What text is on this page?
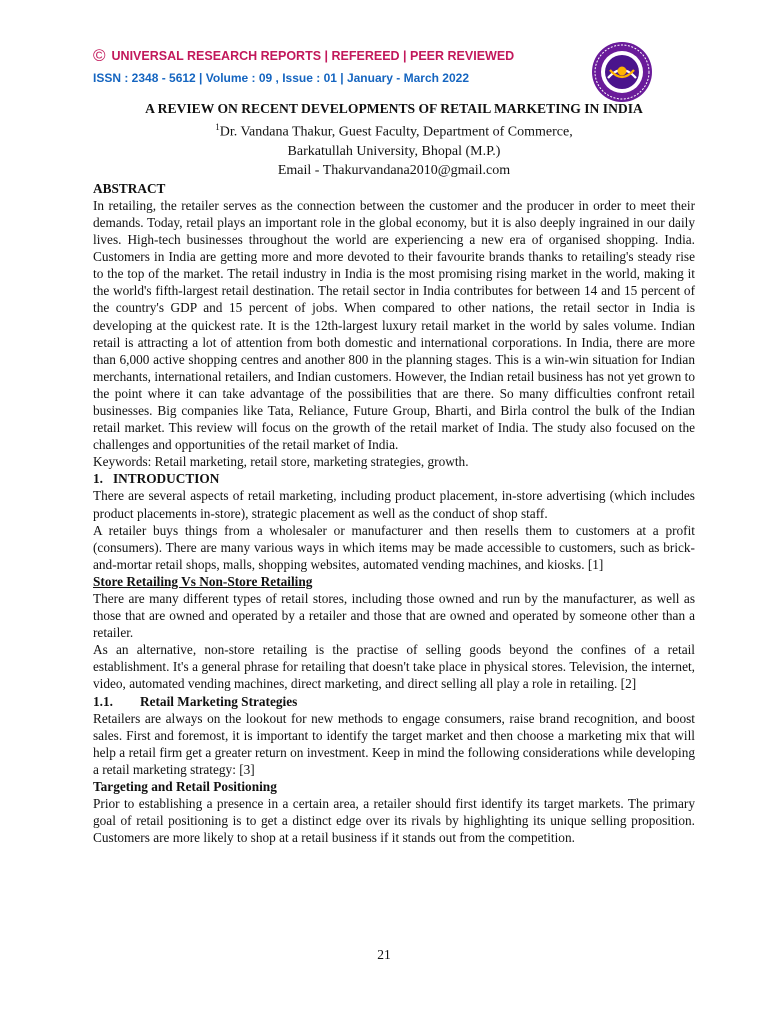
© UNIVERSAL RESEARCH REPORTS | REFEREED | PEER REVIEWED
ISSN : 2348 - 5612 | Volume : 09 , Issue : 01 | January - March 2022
A REVIEW ON RECENT DEVELOPMENTS OF RETAIL MARKETING IN INDIA
$^1$Dr. Vandana Thakur, Guest Faculty, Department of Commerce,
Barkatullah University, Bhopal (M.P.)
Email - Thakurvandana2010@gmail.com
ABSTRACT

In retailing, the retailer serves as the connection between the customer and the producer in order to meet their demands. Today, retail plays an important role in the global economy, but it is also deeply ingrained in our daily lives. High-tech businesses throughout the world are experiencing a new era of organised shopping. India. Customers in India are getting more and more devoted to their favourite brands thanks to retailing's steady rise to the top of the market. The retail industry in India is the most promising rising market in the world, making it the world's fifth-largest retail destination. The retail sector in India contributes for between 14 and 15 percent of the country's GDP and 15 percent of jobs. When compared to other nations, the retail sector in India is developing at the quickest rate. It is the 12th-largest luxury retail market in the world by sales volume. Indian retail is attracting a lot of attention from both domestic and international corporations. In India, there are more than 6,000 active shopping centres and another 800 in the planning stages. This is a win-win situation for Indian merchants, international retailers, and Indian customers. However, the Indian retail business has not yet grown to the point where it can take advantage of the possibilities that are there. So many difficulties confront retail businesses. Big companies like Tata, Reliance, Future Group, Bharti, and Birla control the bulk of the Indian retail market. This review will focus on the growth of the retail market of India. The study also focused on the challenges and opportunities of the retail market of India.

Keywords: Retail marketing, retail store, marketing strategies, growth.

1.   INTRODUCTION

There are several aspects of retail marketing, including product placement, in-store advertising (which includes product placements in-store), strategic placement as well as the conduct of shop staff.

A retailer buys things from a wholesaler or manufacturer and then resells them to customers at a profit (consumers). There are many various ways in which items may be made accessible to customers, such as brick-and-mortar retail shops, malls, shopping websites, automated vending machines, and kiosks. [1]

Store Retailing Vs Non-Store Retailing

There are many different types of retail stores, including those owned and run by the manufacturer, as well as those that are owned and operated by a retailer and those that are owned and operated by someone other than a retailer.

As an alternative, non-store retailing is the practise of selling goods beyond the confines of a retail establishment. It's a general phrase for retailing that doesn't take place in physical stores. Television, the internet, video, automated vending machines, direct marketing, and direct selling all play a role in retailing. [2]

1.1. Retail Marketing Strategies

Retailers are always on the lookout for new methods to engage consumers, raise brand recognition, and boost sales. First and foremost, it is important to identify the target market and then choose a marketing mix that will help a retail firm get a greater return on investment. Keep in mind the following considerations while developing a retail marketing strategy: [3]

Targeting and Retail Positioning

Prior to establishing a presence in a certain area, a retailer should first identify its target markets. The primary goal of retail positioning is to get a distinct edge over its rivals by highlighting its unique selling proposition. Customers are more likely to shop at a retail business if it stands out from the competition.

21
